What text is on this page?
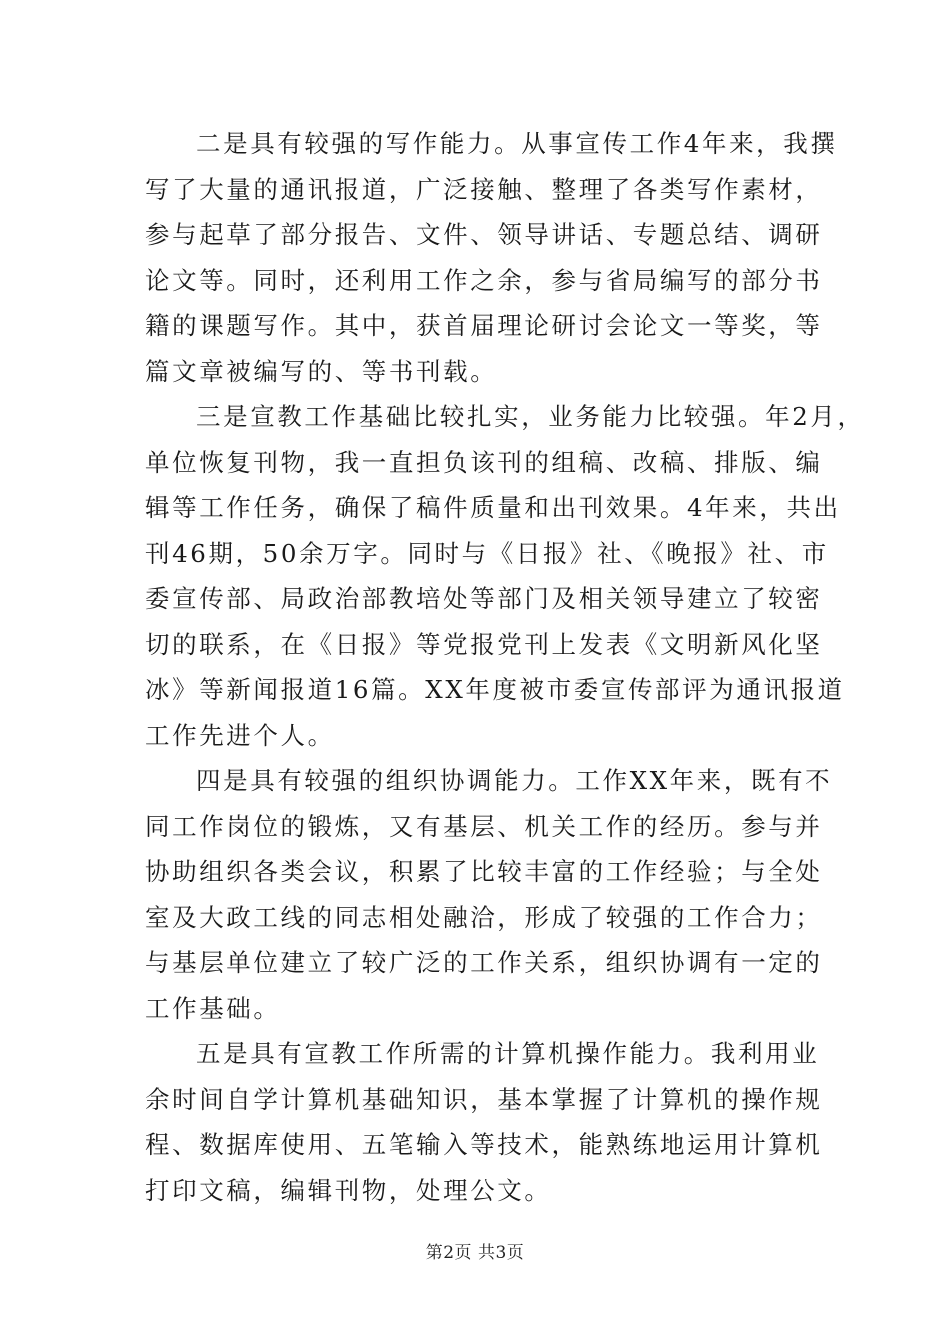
二是具有较强的写作能力。从事宣传工作4年来，我撰
写了大量的通讯报道，广泛接触、整理了各类写作素材，
参与起草了部分报告、文件、领导讲话、专题总结、调研
论文等。同时，还利用工作之余，参与省局编写的部分书
籍的课题写作。其中，获首届理论研讨会论文一等奖，等
篇文章被编写的、等书刊载。
三是宣教工作基础比较扎实，业务能力比较强。年2月，
单位恢复刊物，我一直担负该刊的组稿、改稿、排版、编
辑等工作任务，确保了稿件质量和出刊效果。4年来，共出
刊46期，50余万字。同时与《日报》社、《晚报》社、市
委宣传部、局政治部教培处等部门及相关领导建立了较密
切的联系，在《日报》等党报党刊上发表《文明新风化坚
冰》等新闻报道16篇。XX年度被市委宣传部评为通讯报道
工作先进个人。
四是具有较强的组织协调能力。工作XX年来，既有不
同工作岗位的锻炼，又有基层、机关工作的经历。参与并
协助组织各类会议，积累了比较丰富的工作经验；与全处
室及大政工线的同志相处融洽，形成了较强的工作合力；
与基层单位建立了较广泛的工作关系，组织协调有一定的
工作基础。
五是具有宣教工作所需的计算机操作能力。我利用业
余时间自学计算机基础知识，基本掌握了计算机的操作规
程、数据库使用、五笔输入等技术，能熟练地运用计算机
打印文稿，编辑刊物，处理公文。
第2页 共3页
